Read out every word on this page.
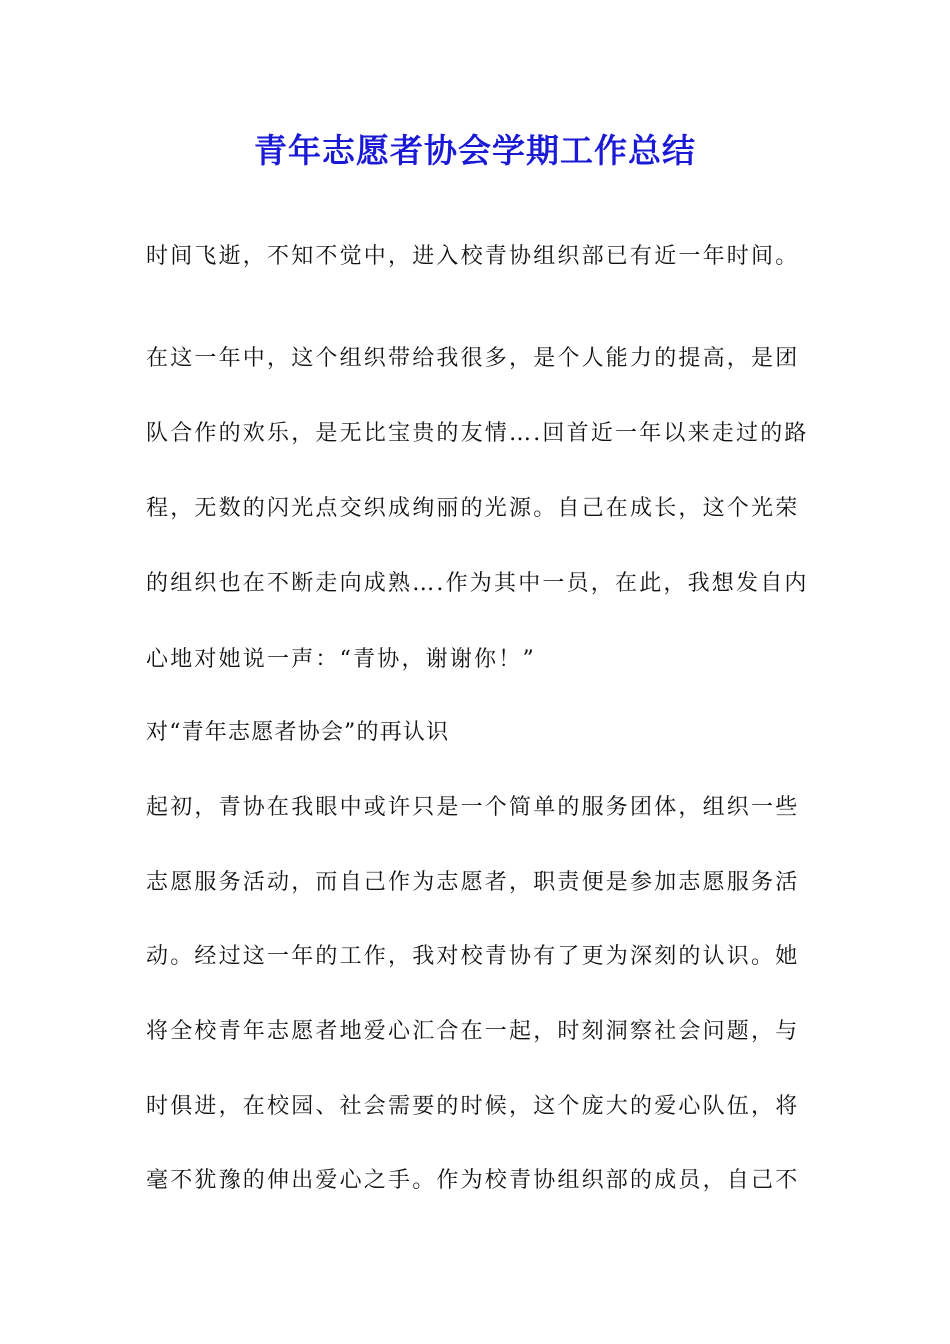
青年志愿者协会学期工作总结
时间飞逝，不知不觉中，进入校青协组织部已有近一年时间。
在这一年中，这个组织带给我很多，是个人能力的提高，是团
队合作的欢乐，是无比宝贵的友情….回首近一年以来走过的路
程，无数的闪光点交织成绚丽的光源。自己在成长，这个光荣
的组织也在不断走向成熟….作为其中一员，在此，我想发自内
心地对她说一声：“青协，谢谢你！”
对“青年志愿者协会”的再认识
起初，青协在我眼中或许只是一个简单的服务团体，组织一些
志愿服务活动，而自己作为志愿者，职责便是参加志愿服务活
动。经过这一年的工作，我对校青协有了更为深刻的认识。她
将全校青年志愿者地爱心汇合在一起，时刻洞察社会问题，与
时俱进，在校园、社会需要的时候，这个庞大的爱心队伍，将
毫不犹豫的伸出爱心之手。作为校青协组织部的成员，自己不
